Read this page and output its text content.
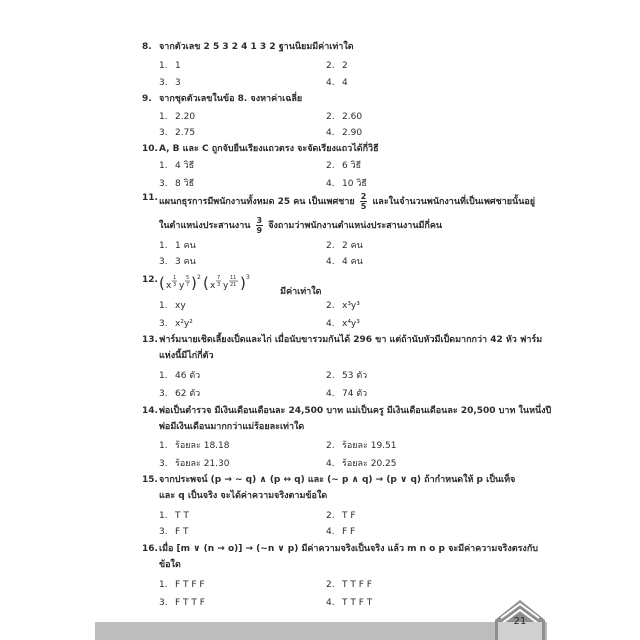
8. จากตัวเลข 2 5 3 2 4 1 3 2 ฐานนิยมมีค่าเท่าใด
1. 1	2. 2
3. 3	4. 4
9. จากชุดตัวเลขในข้อ 8. จงหาค่าเฉลี่ย
1. 2.20	2. 2.60
3. 2.75	4. 2.90
10. A, B และ C ถูกจับยืนเรียงแถวตรง จะจัดเรียงแถวได้กี่วิธี
1. 4 วิธี	2. 6 วิธี
3. 8 วิธี	4. 10 วิธี
11. แผนกธุรการมีพนักงานทั้งหมด 25 คน เป็นเพศชาย $\frac{2}{5}$ และในจำนวนพนักงานที่เป็นเพศชายนั้นอยู่
ในตำแหน่งประสานงาน $\frac{3}{9}$ จึงถามว่าพนักงานตำแหน่งประสานงานมีกี่คน
1. 1 คน	2. 2 คน
3. 3 คน	4. 4 คน
12. ( x
1
3 y
5
7 ) 2 ( x
7
3 y
11
21 ) 3
มีค่าเท่าใด
1. xy	2. x³y³
3. x²y²	4. x⁴y³
13. ฟาร์มนายเชิดเลี้ยงเป็ดและไก่ เมื่อนับขารวมกันได้ 296 ขา แต่ถ้านับหัวมีเป็ดมากกว่า 42 หัว ฟาร์ม
แห่งนี้มีไก่กี่ตัว
1. 46 ตัว	2. 53 ตัว
3. 62 ตัว	4. 74 ตัว
14. พ่อเป็นตำรวจ มีเงินเดือนเดือนละ 24,500 บาท แม่เป็นครู มีเงินเดือนเดือนละ 20,500 บาท ในหนึ่งปี
พ่อมีเงินเดือนมากกว่าแม่ร้อยละเท่าใด
1. ร้อยละ 18.18	2. ร้อยละ 19.51
3. ร้อยละ 21.30	4. ร้อยละ 20.25
15. จากประพจน์ (p → ∼ q) ∧ (p ↔ q) และ (∼ p ∧ q) → (p ∨ q) ถ้ากำหนดให้ p เป็นเท็จ
และ q เป็นจริง จะได้ค่าความจริงตามข้อใด
1. T T	2. T F
3. F T	4. F F
16. เมื่อ [m ∨ (n → o)] → (∼n ∨ p) มีค่าความจริงเป็นจริง แล้ว m n o p จะมีค่าความจริงตรงกับ
ข้อใด
1. F T F F	2. T T F F
3. F T T F	4. T T F T
21
